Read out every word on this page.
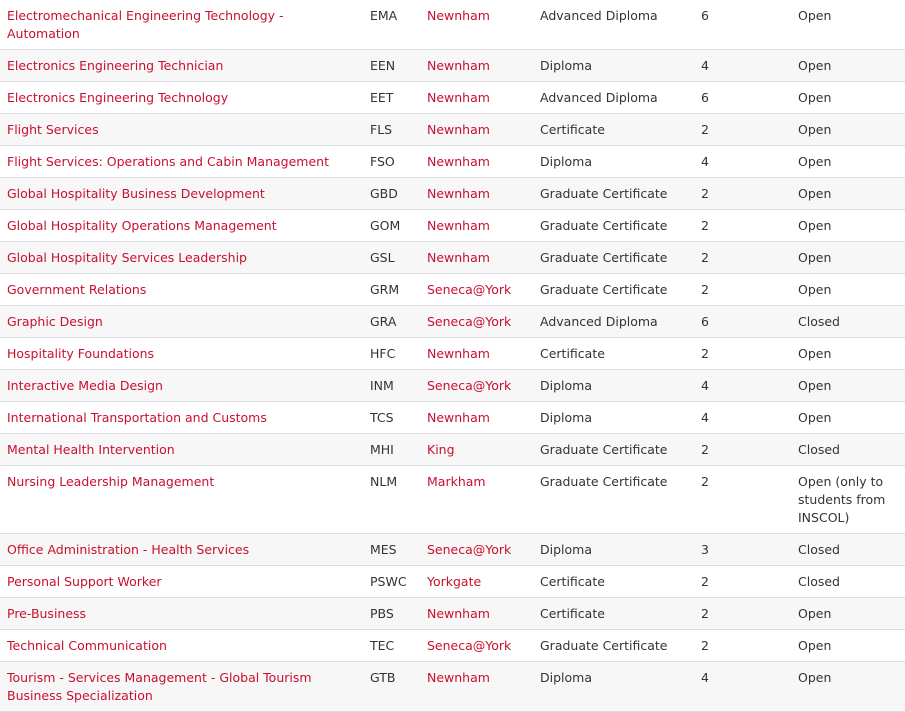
Electromechanical Engineering Technology - Automation	EMA	Newnham	Advanced Diploma	6	Open
Electronics Engineering Technician	EEN	Newnham	Diploma	4	Open
Electronics Engineering Technology	EET	Newnham	Advanced Diploma	6	Open
Flight Services	FLS	Newnham	Certificate	2	Open
Flight Services: Operations and Cabin Management	FSO	Newnham	Diploma	4	Open
Global Hospitality Business Development	GBD	Newnham	Graduate Certificate	2	Open
Global Hospitality Operations Management	GOM	Newnham	Graduate Certificate	2	Open
Global Hospitality Services Leadership	GSL	Newnham	Graduate Certificate	2	Open
Government Relations	GRM	Seneca@York	Graduate Certificate	2	Open
Graphic Design	GRA	Seneca@York	Advanced Diploma	6	Closed
Hospitality Foundations	HFC	Newnham	Certificate	2	Open
Interactive Media Design	INM	Seneca@York	Diploma	4	Open
International Transportation and Customs	TCS	Newnham	Diploma	4	Open
Mental Health Intervention	MHI	King	Graduate Certificate	2	Closed
Nursing Leadership Management	NLM	Markham	Graduate Certificate	2	Open (only to students from INSCOL)
Office Administration - Health Services	MES	Seneca@York	Diploma	3	Closed
Personal Support Worker	PSWC	Yorkgate	Certificate	2	Closed
Pre-Business	PBS	Newnham	Certificate	2	Open
Technical Communication	TEC	Seneca@York	Graduate Certificate	2	Open
Tourism - Services Management - Global Tourism Business Specialization	GTB	Newnham	Diploma	4	Open
